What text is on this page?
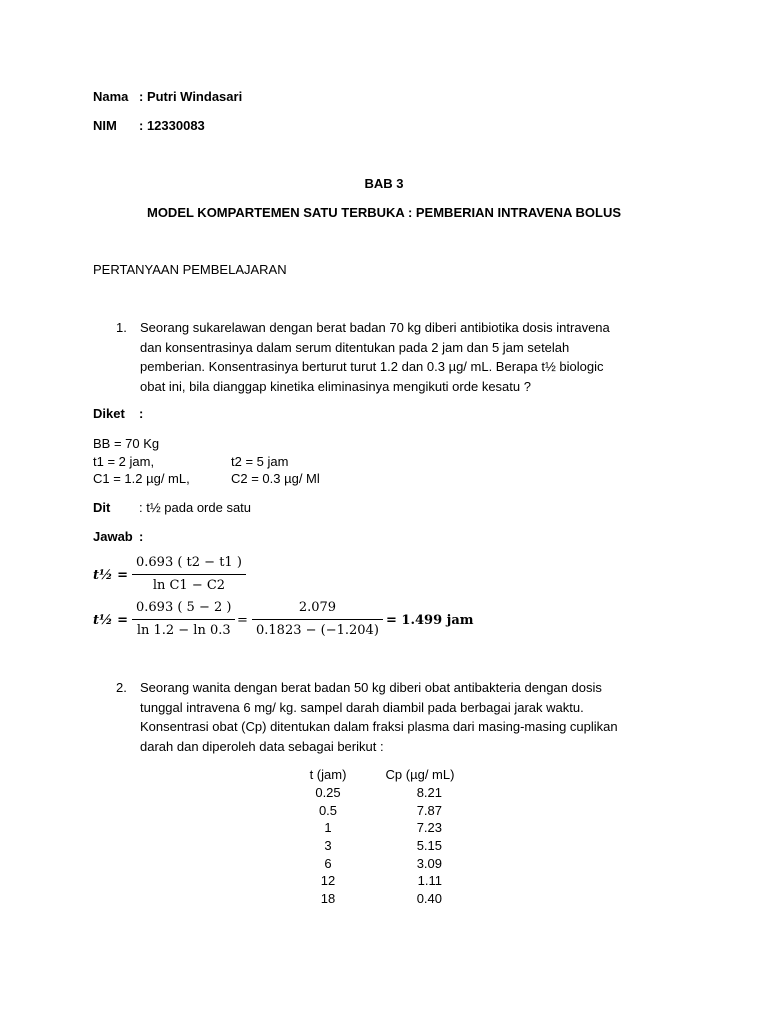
Nama : Putri Windasari
NIM : 12330083
BAB 3
MODEL KOMPARTEMEN SATU TERBUKA : PEMBERIAN INTRAVENA BOLUS
PERTANYAAN PEMBELAJARAN
1. Seorang sukarelawan dengan berat badan 70 kg diberi antibiotika dosis intravena
dan konsentrasinya dalam serum ditentukan pada 2 jam dan 5 jam setelah
pemberian. Konsentrasinya berturut turut 1.2 dan 0.3 µg/ mL. Berapa t½ biologic
obat ini, bila dianggap kinetika eliminasinya mengikuti orde kesatu ?
Diket :
BB = 70 Kg
t1 = 2 jam,	t2 = 5 jam
C1 = 1.2 µg/ mL,	C2 = 0.3 µg/ Ml
Dit : t½ pada orde satu
Jawab :
t½ = $\frac{0.693 ( t2 - t1 )}{\text{ln C1 − C2}}$
t½ = $\frac{0.693 ( 5 - 2 )}{\ln 1.2 - \ln 0.3} = \frac{2.079}{0.1823 - (-1.204)} = 1.499$ jam
2. Seorang wanita dengan berat badan 50 kg diberi obat antibakteria dengan dosis
tunggal intravena 6 mg/ kg. sampel darah diambil pada berbagai jarak waktu.
Konsentrasi obat (Cp) ditentukan dalam fraksi plasma dari masing-masing cuplikan
darah dan diperoleh data sebagai berikut :
t (jam)	Cp (µg/ mL)
0.25	8.21
0.5	7.87
1	7.23
3	5.15
6	3.09
12	1.11
18	0.40
